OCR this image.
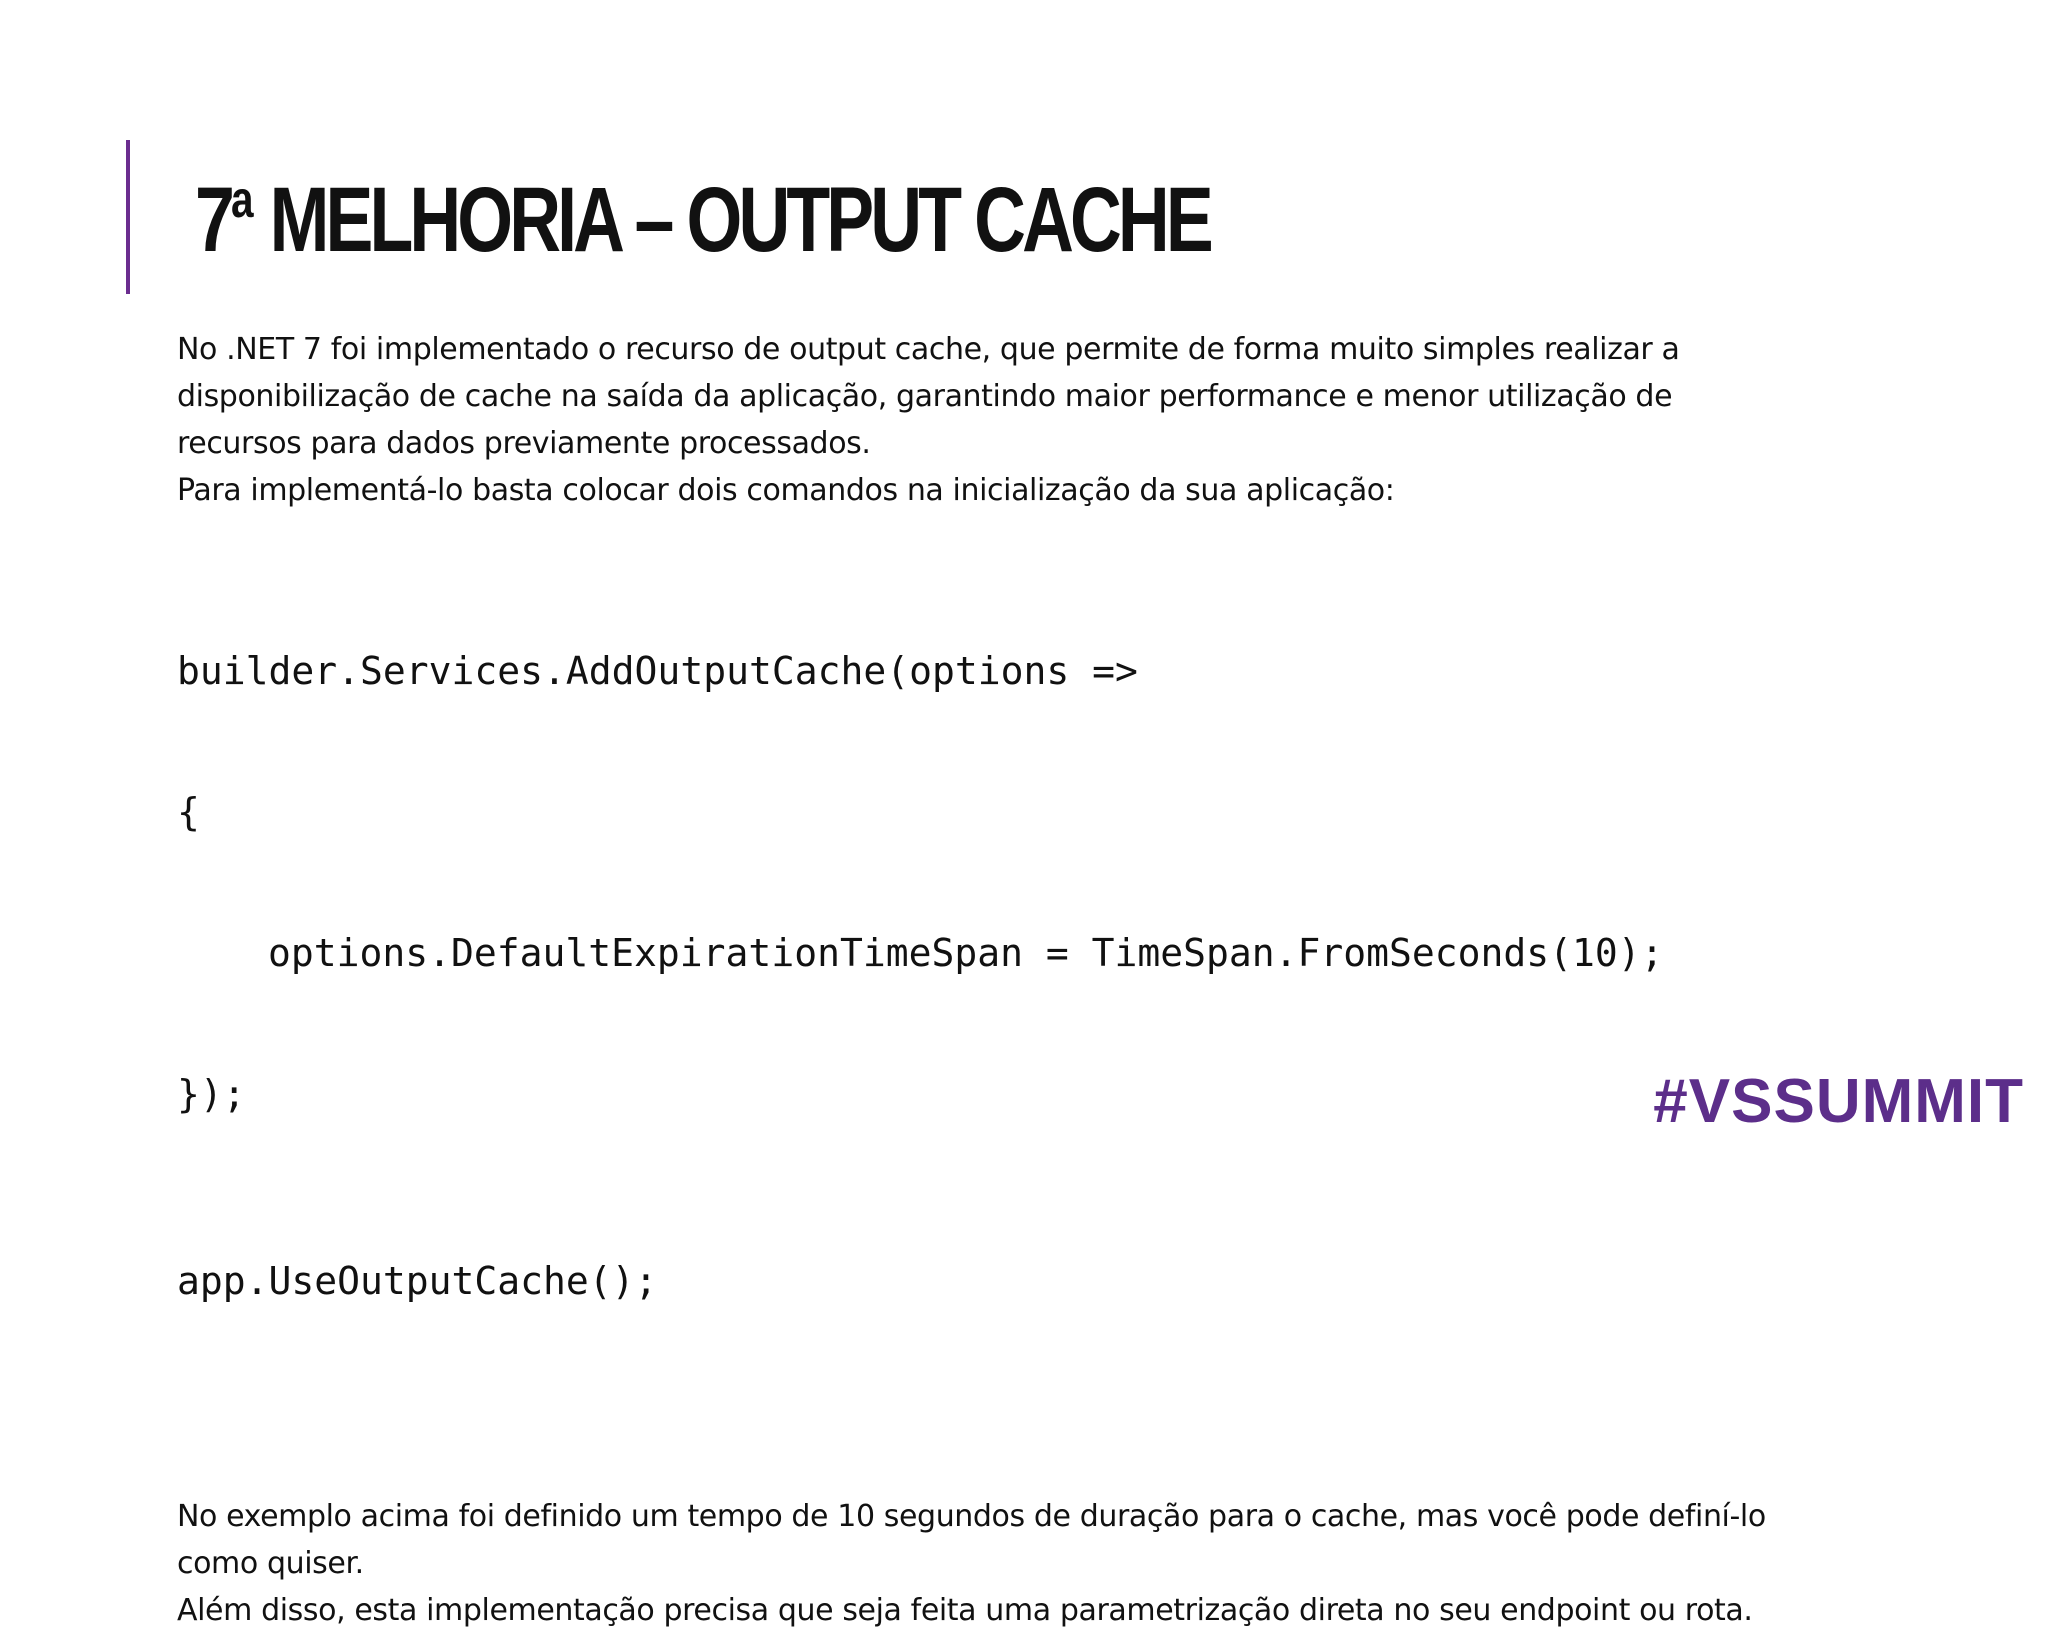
7$^a$ MELHORIA – OUTPUT CACHE

No .NET 7 foi implementado o recurso de output cache, que permite de forma muito simples realizar a

disponibilização de cache na saída da aplicação, garantindo maior performance e menor utilização de

recursos para dados previamente processados.

Para implementá-lo basta colocar dois comandos na inicialização da sua aplicação:

builder.Services.AddOutputCache(options =>

{

options.DefaultExpirationTimeSpan = TimeSpan.FromSeconds(10);

});

app.UseOutputCache();

No exemplo acima foi definido um tempo de 10 segundos de duração para o cache, mas você pode definí-lo

como quiser.

Além disso, esta implementação precisa que seja feita uma parametrização direta no seu endpoint ou rota.

#VSSUMMIT
